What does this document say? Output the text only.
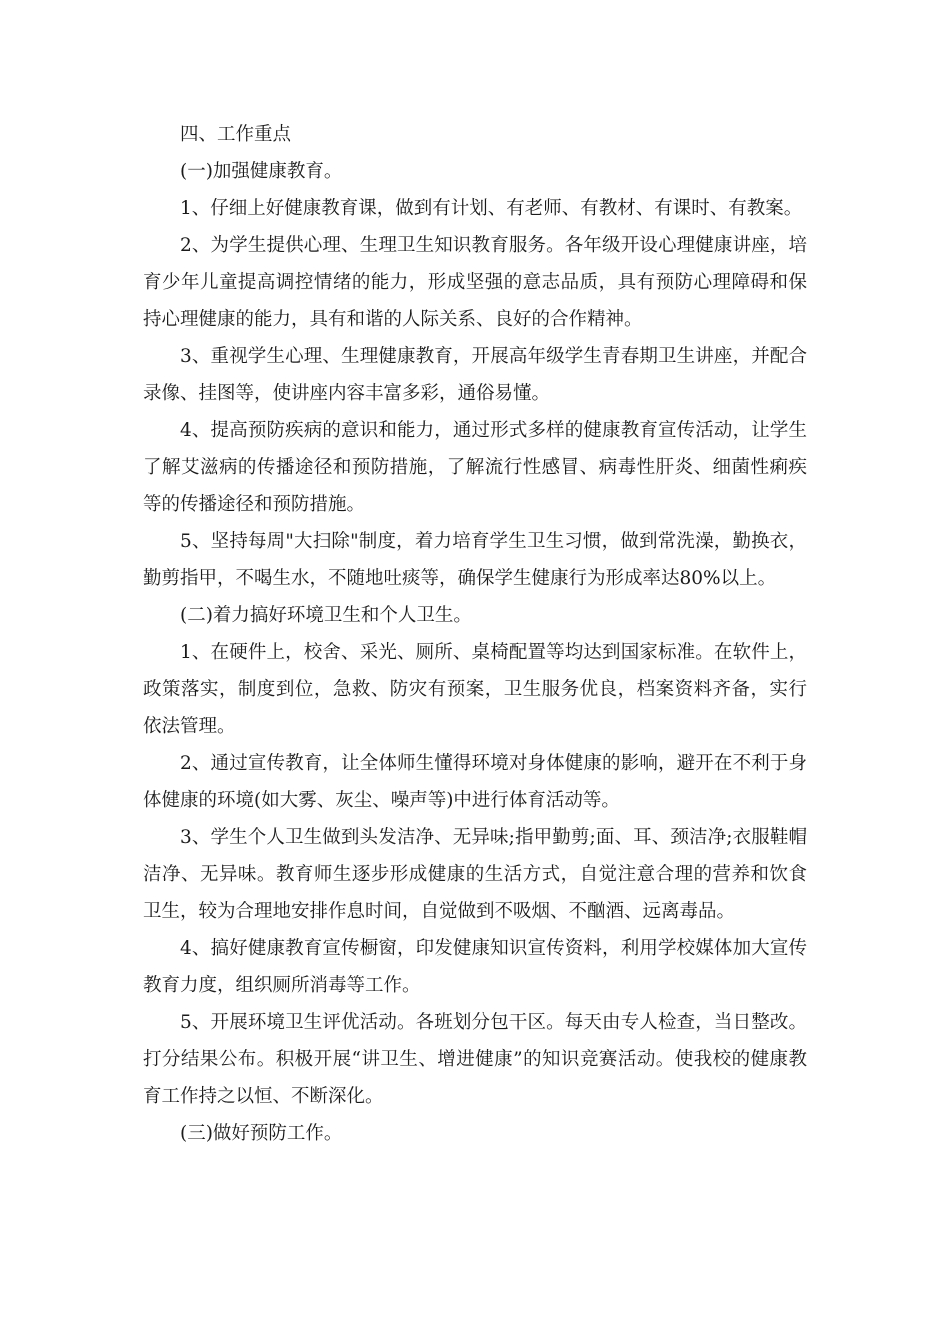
四、工作重点

(一)加强健康教育。

1、仔细上好健康教育课，做到有计划、有老师、有教材、有课时、有教案。

2、为学生提供心理、生理卫生知识教育服务。各年级开设心理健康讲座，培育少年儿童提高调控情绪的能力，形成坚强的意志品质，具有预防心理障碍和保持心理健康的能力，具有和谐的人际关系、良好的合作精神。

3、重视学生心理、生理健康教育，开展高年级学生青春期卫生讲座，并配合录像、挂图等，使讲座内容丰富多彩，通俗易懂。

4、提高预防疾病的意识和能力，通过形式多样的健康教育宣传活动，让学生了解艾滋病的传播途径和预防措施，了解流行性感冒、病毒性肝炎、细菌性痢疾等的传播途径和预防措施。

5、坚持每周"大扫除"制度，着力培育学生卫生习惯，做到常洗澡，勤换衣，勤剪指甲，不喝生水，不随地吐痰等，确保学生健康行为形成率达80%以上。

(二)着力搞好环境卫生和个人卫生。

1、在硬件上，校舍、采光、厕所、桌椅配置等均达到国家标准。在软件上，政策落实，制度到位，急救、防灾有预案，卫生服务优良，档案资料齐备，实行依法管理。

2、通过宣传教育，让全体师生懂得环境对身体健康的影响，避开在不利于身体健康的环境(如大雾、灰尘、噪声等)中进行体育活动等。

3、学生个人卫生做到头发洁净、无异味;指甲勤剪;面、耳、颈洁净;衣服鞋帽洁净、无异味。教育师生逐步形成健康的生活方式，自觉注意合理的营养和饮食卫生，较为合理地安排作息时间，自觉做到不吸烟、不酗酒、远离毒品。

4、搞好健康教育宣传橱窗，印发健康知识宣传资料，利用学校媒体加大宣传教育力度，组织厕所消毒等工作。

5、开展环境卫生评优活动。各班划分包干区。每天由专人检查，当日整改。打分结果公布。积极开展“讲卫生、增进健康”的知识竞赛活动。使我校的健康教育工作持之以恒、不断深化。

(三)做好预防工作。
